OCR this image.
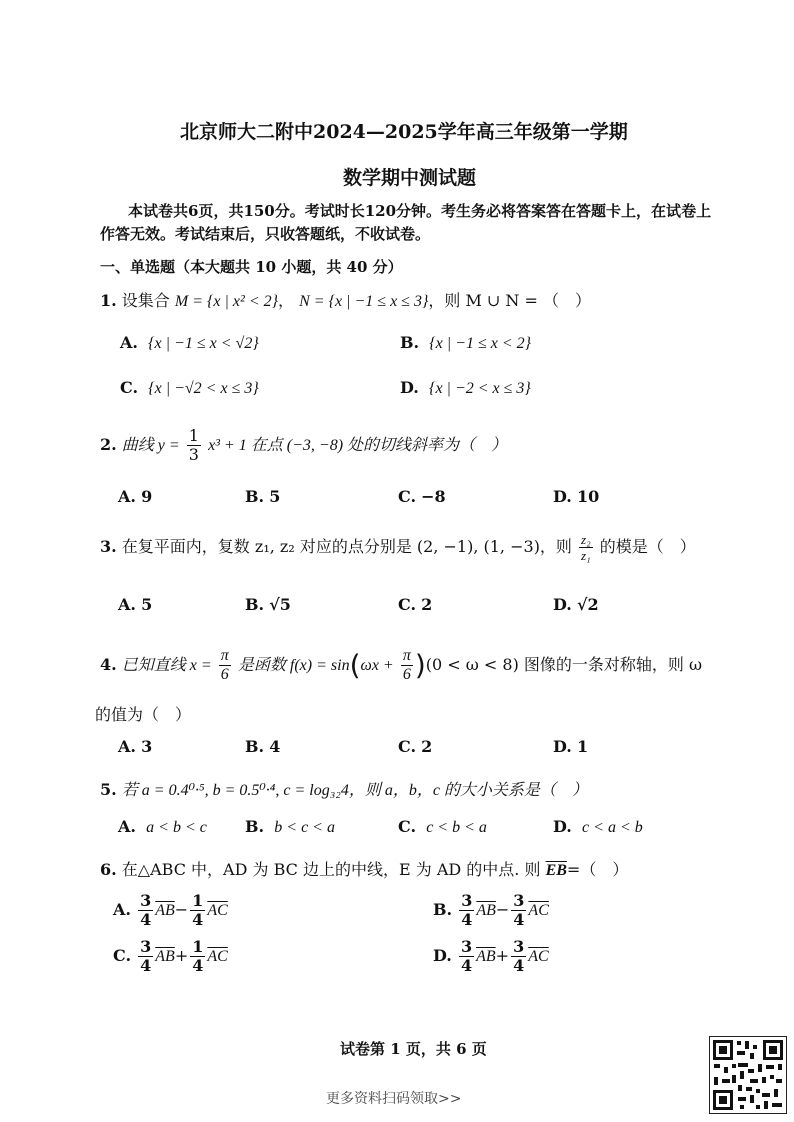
北京师大二附中2024—2025学年高三年级第一学期
数学期中测试题
本试卷共6页，共150分。考试时长120分钟。考生务必将答案答在答题卡上，在试卷上
作答无效。考试结束后，只收答题纸，不收试卷。
一、单选题（本大题共 10 小题，共 40 分）
1. 设集合 M = {x | x² < 2}， N = {x | −1 ≤ x ≤ 3}，则 M ∪ N = （　）
A. {x | −1 ≤ x < √2}	B. {x | −1 ≤ x < 2}
C. {x | −√2 < x ≤ 3}	D. {x | −2 < x ≤ 3}
2. 曲线 $y = \frac{1}{3} x^3 + 1$ 在点 (−3, −8) 处的切线斜率为（　）
A. 9	B. 5	C. −8	D. 10
3. 在复平面内，复数 z₁, z₂ 对应的点分别是 (2, −1), (1, −3)，则 $\frac{\text{z₂}}{\text{z₁}}$ 的模是（　）
A. 5	B. √5	C. 2	D. √2
4. 已知直线 $x = \frac{\pi}{6}$ 是函数 $f(x) = \sin(\omega x + \frac{\pi}{6} )(0 < \omega < 8)$ 图像的一条对称轴，则 ω
的值为（　）
A. 3	B. 4	C. 2	D. 1
5. 若 a = 0.4⁰·⁵, b = 0.5⁰·⁴, c = log₃₂4，则 a，b，c 的大小关系是（　）
A. a < b < c B. b < c < a	C. c < b < a	D. c < a < b
6. 在△ABC 中，AD 为 BC 边上的中线，E 为 AD 的中点. 则 $\overline{EB}=$（　）
A. $\frac{3}{4} \overline{AB}- \frac{1}{4} \overline{AC}$	B. $\frac{3}{4} \overline{AB}- \frac{3}{4} \overline{AC}$
C. $\frac{3}{4} \overline{AB}+ \frac{1}{4} \overline{AC}$	D. $\frac{3}{4} \overline{AB}+ \frac{3}{4} \overline{AC}$
试卷第 1 页，共 6 页
更多资料扫码领取>>
